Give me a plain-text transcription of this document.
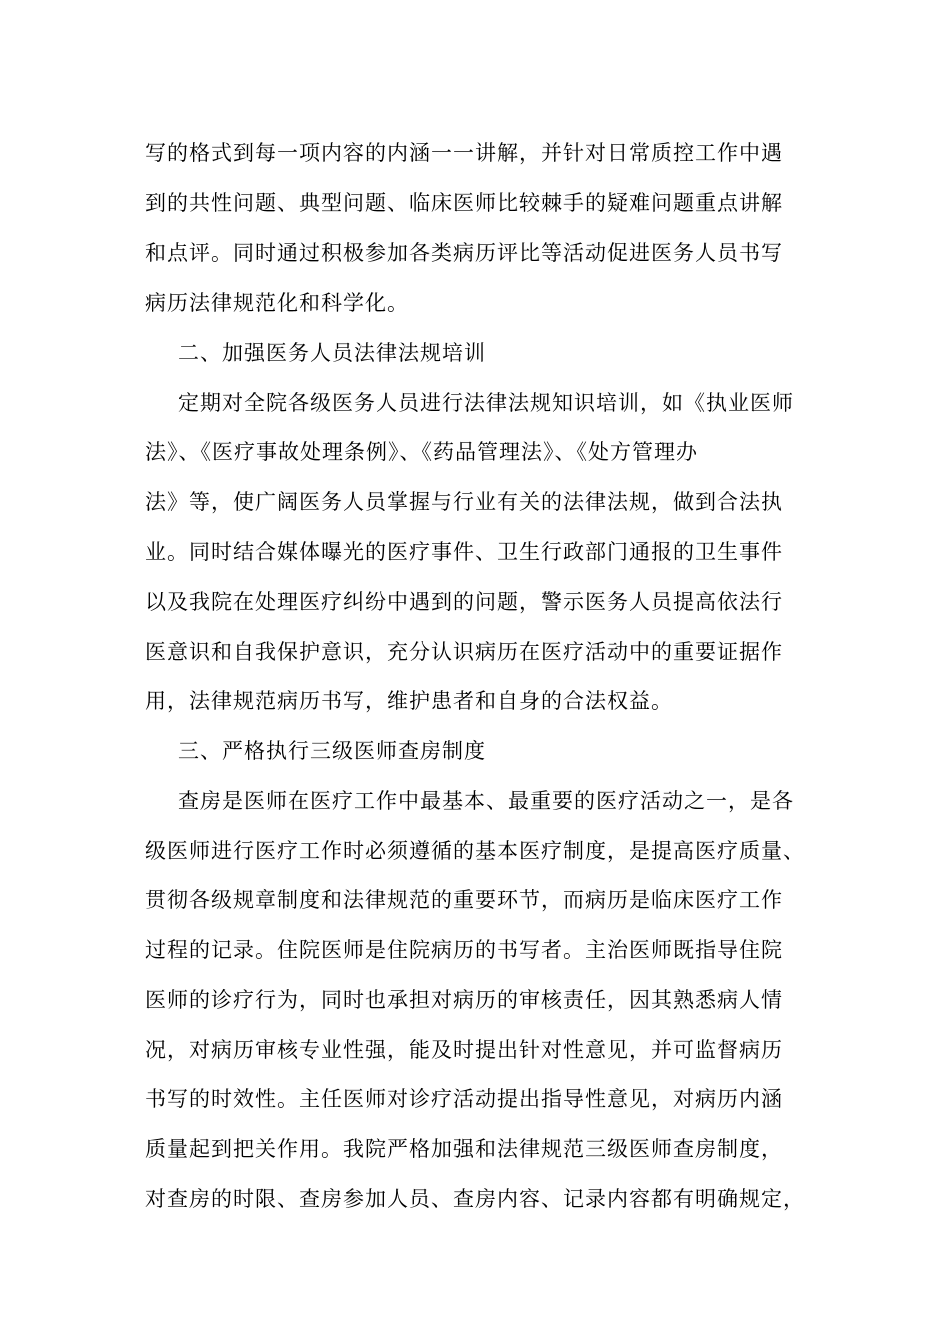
写的格式到每一项内容的内涵一一讲解，并针对日常质控工作中遇

到的共性问题、典型问题、临床医师比较棘手的疑难问题重点讲解

和点评。同时通过积极参加各类病历评比等活动促进医务人员书写

病历法律规范化和科学化。

二、加强医务人员法律法规培训

定期对全院各级医务人员进行法律法规知识培训，如《执业医师

法》、《医疗事故处理条例》、《药品管理法》、《处方管理办

法》等，使广阔医务人员掌握与行业有关的法律法规，做到合法执

业。同时结合媒体曝光的医疗事件、卫生行政部门通报的卫生事件

以及我院在处理医疗纠纷中遇到的问题，警示医务人员提高依法行

医意识和自我保护意识，充分认识病历在医疗活动中的重要证据作

用，法律规范病历书写，维护患者和自身的合法权益。

三、严格执行三级医师查房制度

查房是医师在医疗工作中最基本、最重要的医疗活动之一，是各

级医师进行医疗工作时必须遵循的基本医疗制度，是提高医疗质量、

贯彻各级规章制度和法律规范的重要环节，而病历是临床医疗工作

过程的记录。住院医师是住院病历的书写者。主治医师既指导住院

医师的诊疗行为，同时也承担对病历的审核责任，因其熟悉病人情

况，对病历审核专业性强，能及时提出针对性意见，并可监督病历

书写的时效性。主任医师对诊疗活动提出指导性意见，对病历内涵

质量起到把关作用。我院严格加强和法律规范三级医师查房制度，

对查房的时限、查房参加人员、查房内容、记录内容都有明确规定，
